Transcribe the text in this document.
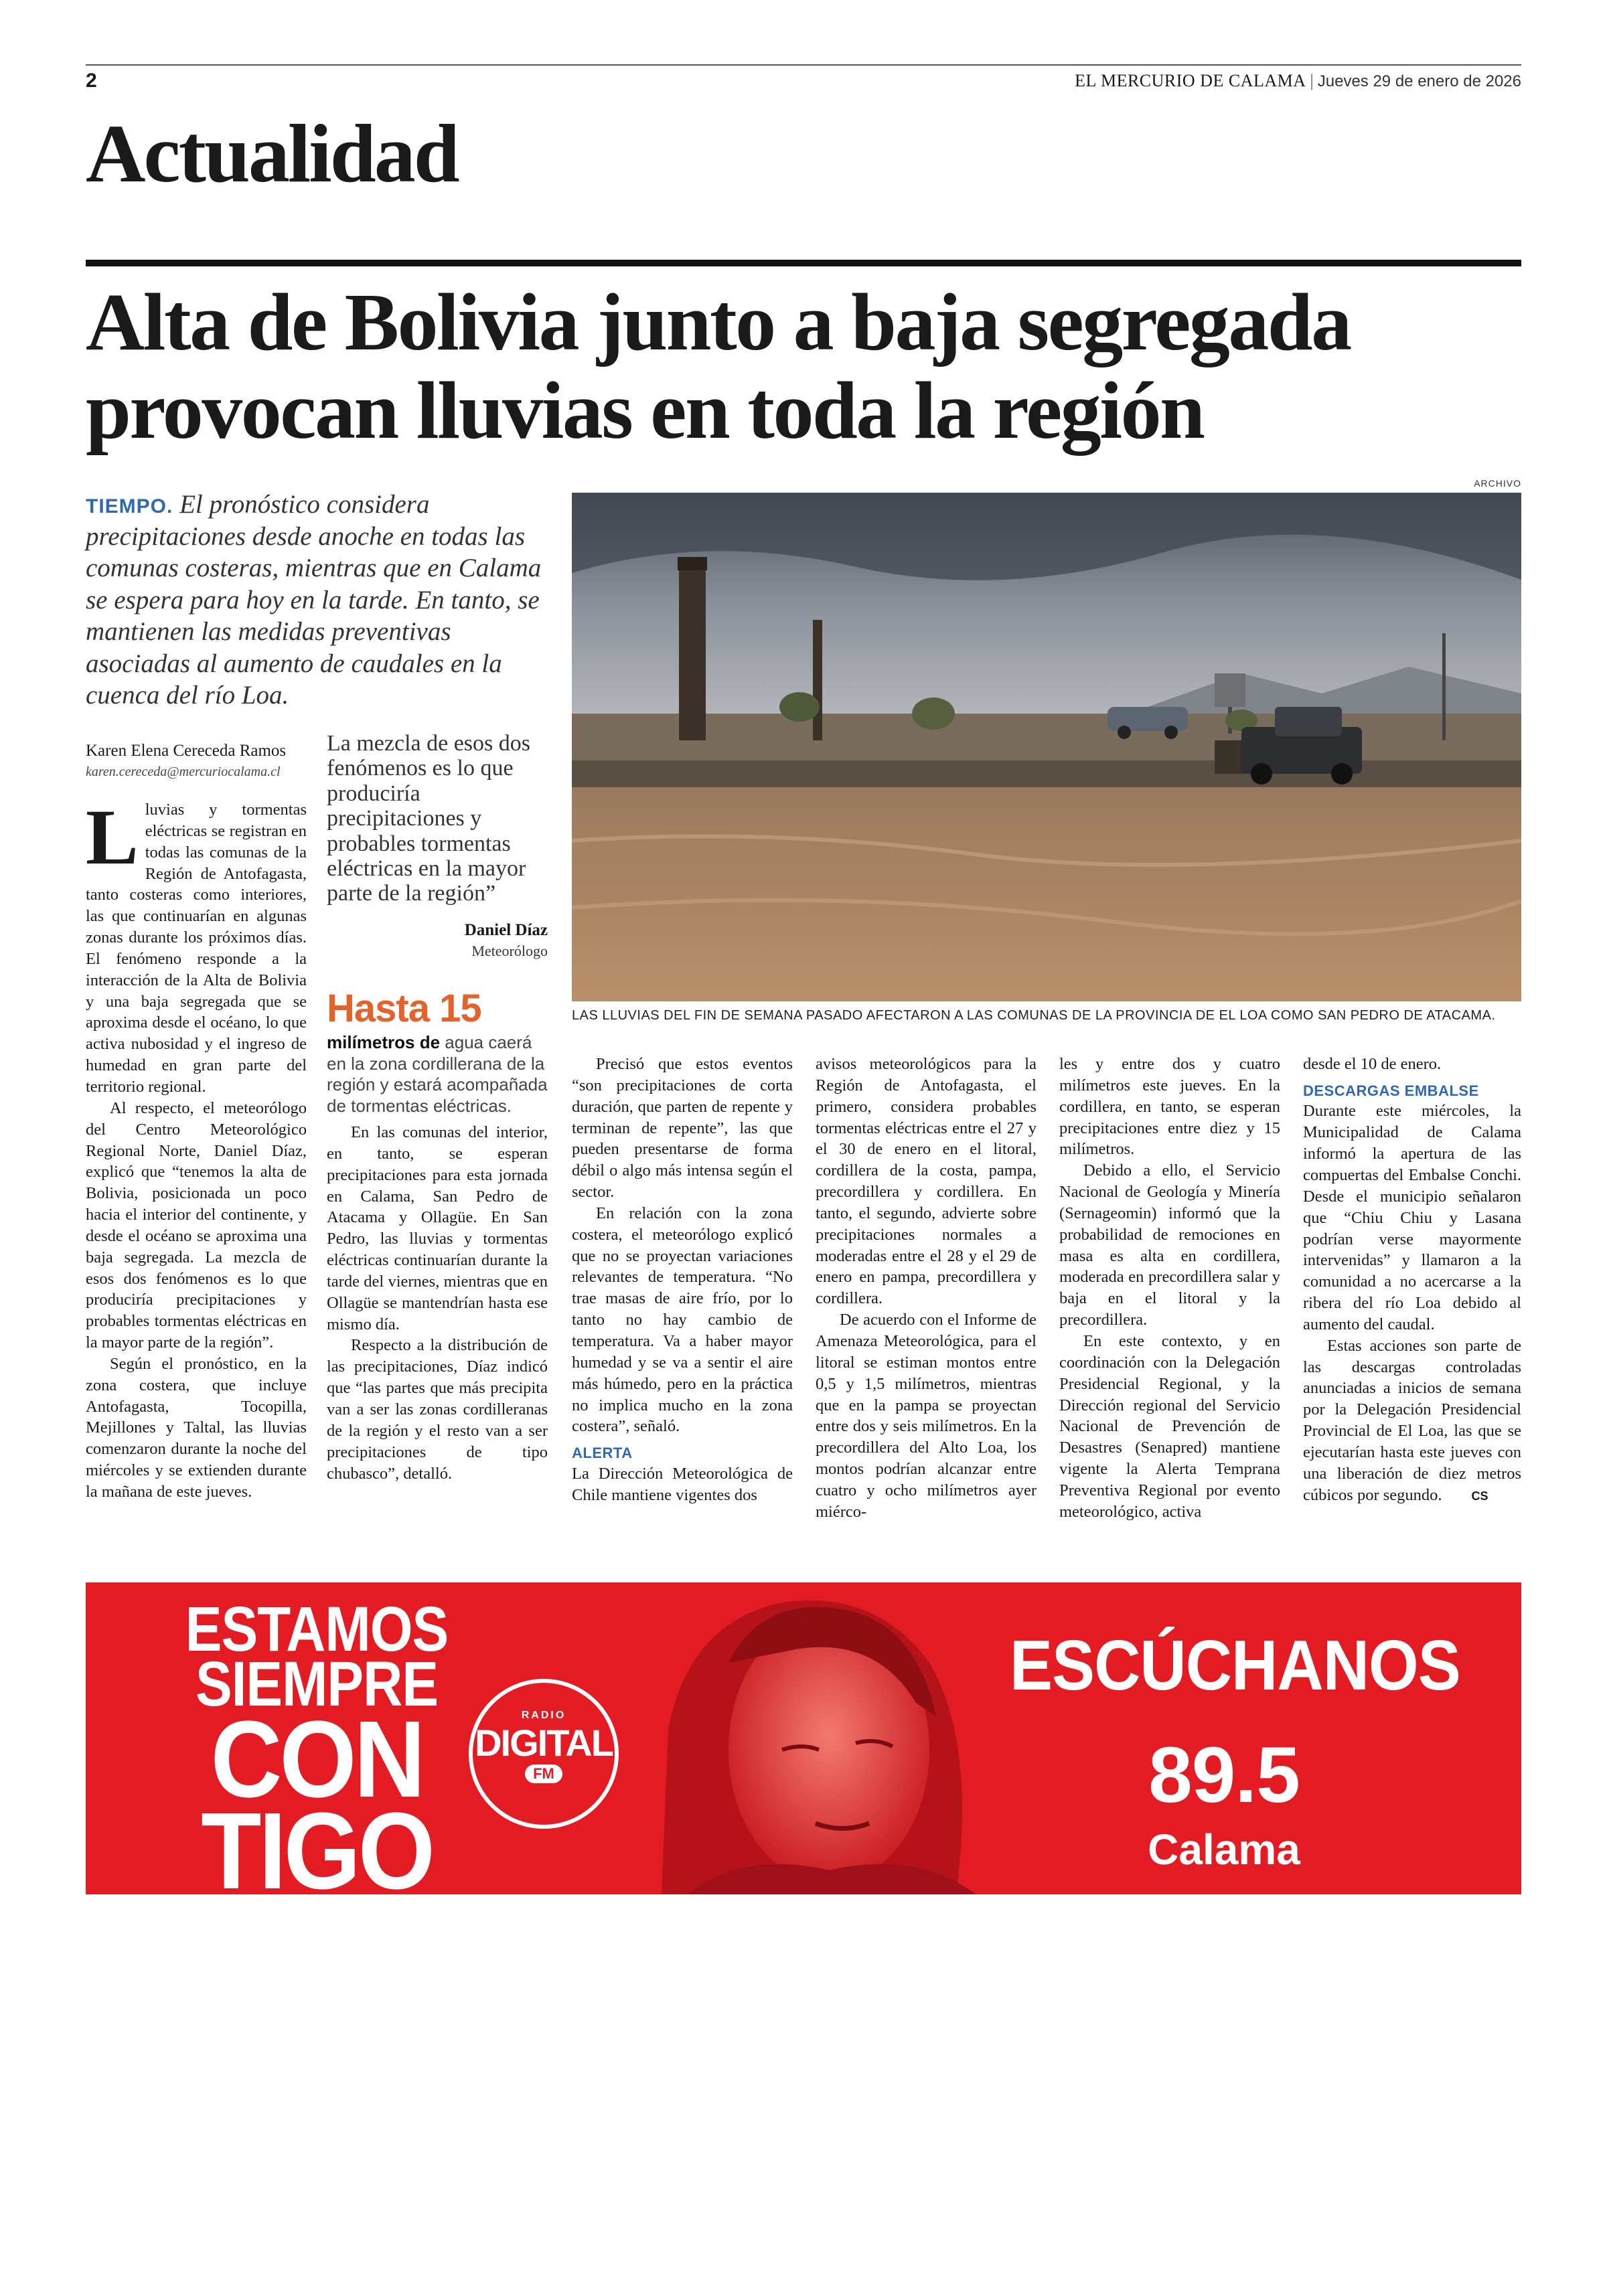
2	EL MERCURIO DE CALAMA | Jueves 29 de enero de 2026
Actualidad
Alta de Bolivia junto a baja segregada
provocan lluvias en toda la región
TIEMPO. El pronóstico considera precipitaciones desde anoche en todas las comunas costeras, mientras que en Calama se espera para hoy en la tarde. En tanto, se mantienen las medidas preventivas asociadas al aumento de caudales en la cuenca del río Loa.
ARCHIVO
LAS LLUVIAS DEL FIN DE SEMANA PASADO AFECTARON A LAS COMUNAS DE LA PROVINCIA DE EL LOA COMO SAN PEDRO DE ATACAMA.
Karen Elena Cereceda Ramos
karen.cereceda@mercuriocalama.cl
La mezcla de esos dos fenómenos es lo que produciría precipitaciones y probables tormentas eléctricas en la mayor parte de la región”
Daniel Díaz
Meteorólogo

Lluvias y tormentas eléctricas se registran en todas las comunas de la Región de Antofagasta, tanto costeras como interiores, las que continuarían en algunas zonas durante los próximos días. El fenómeno responde a la interacción de la Alta de Bolivia y una baja segregada que se aproxima desde el océano, lo que activa nubosidad y el ingreso de humedad en gran parte del territorio regional.

Al respecto, el meteorólogo del Centro Meteorológico Regional Norte, Daniel Díaz, explicó que “tenemos la alta de Bolivia, posicionada un poco hacia el interior del continente, y desde el océano se aproxima una baja segregada. La mezcla de esos dos fenómenos es lo que produciría precipitaciones y probables tormentas eléctricas en la mayor parte de la región”.

Según el pronóstico, en la zona costera, que incluye Antofagasta, Tocopilla, Mejillones y Taltal, las lluvias comenzaron durante la noche del miércoles y se extienden durante la mañana de este jueves.

Hasta 15
milímetros de agua caerá en la zona cordillerana de la región y estará acompañada de tormentas eléctricas.

En las comunas del interior, en tanto, se esperan precipitaciones para esta jornada en Calama, San Pedro de Atacama y Ollagüe. En San Pedro, las lluvias y tormentas eléctricas continuarían durante la tarde del viernes, mientras que en Ollagüe se mantendrían hasta ese mismo día.

Respecto a la distribución de las precipitaciones, Díaz indicó que “las partes que más precipita van a ser las zonas cordilleranas de la región y el resto van a ser precipitaciones de tipo chubasco”, detalló.

Precisó que estos eventos “son precipitaciones de corta duración, que parten de repente y terminan de repente”, las que pueden presentarse de forma débil o algo más intensa según el sector.

En relación con la zona costera, el meteorólogo explicó que no se proyectan variaciones relevantes de temperatura. “No trae masas de aire frío, por lo tanto no hay cambio de temperatura. Va a haber mayor humedad y se va a sentir el aire más húmedo, pero en la práctica no implica mucho en la zona costera”, señaló.

ALERTA

La Dirección Meteorológica de Chile mantiene vigentes dos

avisos meteorológicos para la Región de Antofagasta, el primero, considera probables tormentas eléctricas entre el 27 y el 30 de enero en el litoral, cordillera de la costa, pampa, precordillera y cordillera. En tanto, el segundo, advierte sobre precipitaciones normales a moderadas entre el 28 y el 29 de enero en pampa, precordillera y cordillera.

De acuerdo con el Informe de Amenaza Meteorológica, para el litoral se estiman montos entre 0,5 y 1,5 milímetros, mientras que en la pampa se proyectan entre dos y seis milímetros. En la precordillera del Alto Loa, los montos podrían alcanzar entre cuatro y ocho milímetros ayer miérco-

les y entre dos y cuatro milímetros este jueves. En la cordillera, en tanto, se esperan precipitaciones entre diez y 15 milímetros.

Debido a ello, el Servicio Nacional de Geología y Minería (Sernageomin) informó que la probabilidad de remociones en masa es alta en cordillera, moderada en precordillera salar y baja en el litoral y la precordillera.

En este contexto, y en coordinación con la Delegación Presidencial Regional, y la Dirección regional del Servicio Nacional de Prevención de Desastres (Senapred) mantiene vigente la Alerta Temprana Preventiva Regional por evento meteorológico, activa

desde el 10 de enero.

DESCARGAS EMBALSE

Durante este miércoles, la Municipalidad de Calama informó la apertura de las compuertas del Embalse Conchi. Desde el municipio señalaron que “Chiu Chiu y Lasana podrían verse mayormente intervenidas” y llamaron a la comunidad a no acercarse a la ribera del río Loa debido al aumento del caudal.

Estas acciones son parte de las descargas controladas anunciadas a inicios de semana por la Delegación Presidencial Provincial de El Loa, las que se ejecutarían hasta este jueves con una liberación de diez metros cúbicos por segundo. CS

ESTAMOS
SIEMPRE
CON
TIGO
RADIO
DIGITAL
FM
ESCÚCHANOS
89.5
Calama
